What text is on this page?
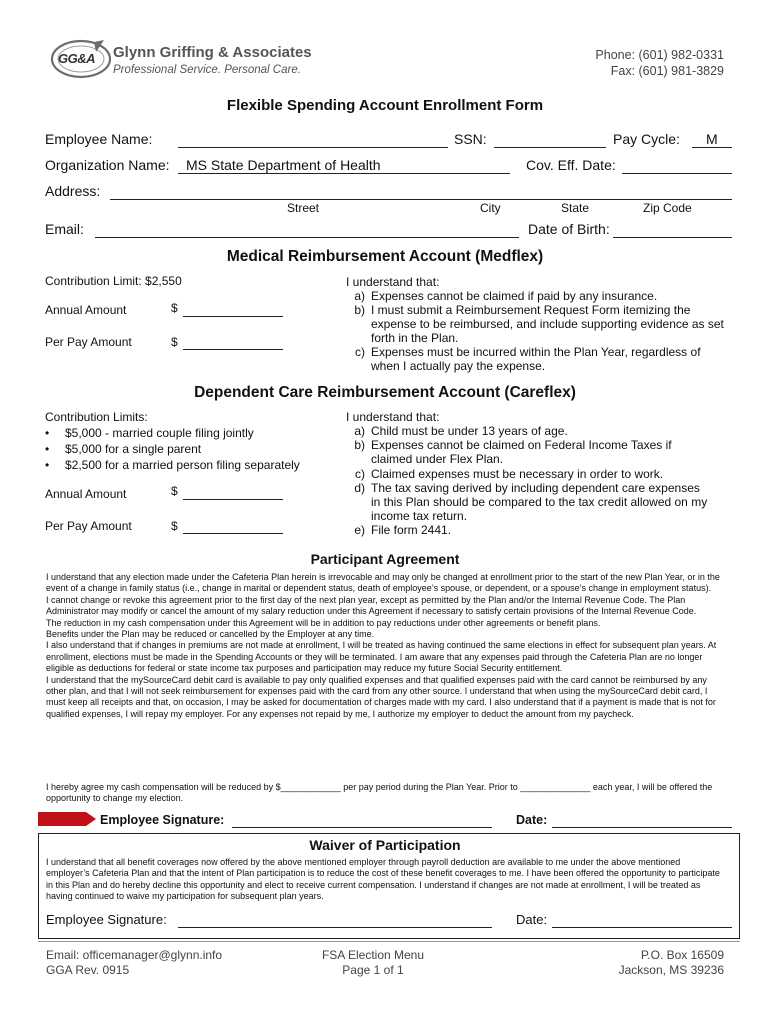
GG&A Glynn Griffing & Associates
Professional Service. Personal Care.
Phone: (601) 982-0331
Fax: (601) 981-3829
Flexible Spending Account Enrollment Form
Employee Name:	SSN:	Pay Cycle: M
Organization Name: MS State Department of Health	Cov. Eff. Date:
Address:
Street	City	State	Zip Code
Email:	Date of Birth:
Medical Reimbursement Account (Medflex)
Contribution Limit: $2,550
Annual Amount	$
Per Pay Amount	$
I understand that:
a) Expenses cannot be claimed if paid by any insurance.
b) I must submit a Reimbursement Request Form itemizing the expense to be reimbursed, and include supporting evidence as set forth in the Plan.
c) Expenses must be incurred within the Plan Year, regardless of when I actually pay the expense.
Dependent Care Reimbursement Account (Careflex)
Contribution Limits:
• $5,000 - married couple filing jointly
• $5,000 for a single parent
• $2,500 for a married person filing separately
Annual Amount	$
Per Pay Amount	$
I understand that:
a) Child must be under 13 years of age.
b) Expenses cannot be claimed on Federal Income Taxes if claimed under Flex Plan.
c) Claimed expenses must be necessary in order to work.
d) The tax saving derived by including dependent care expenses in this Plan should be compared to the tax credit allowed on my income tax return.
e) File form 2441.
Participant Agreement

I understand that any election made under the Cafeteria Plan herein is irrevocable and may only be changed at enrollment prior to the start of the new Plan Year, or in the event of a change in family status (i.e., change in marital or dependent status, death of employee’s spouse, or dependent, or a spouse’s change in employment status).

I cannot change or revoke this agreement prior to the first day of the next plan year, except as permitted by the Plan and/or the Internal Revenue Code. The Plan Administrator may modify or cancel the amount of my salary reduction under this Agreement if necessary to satisfy certain provisions of the Internal Revenue Code.

The reduction in my cash compensation under this Agreement will be in addition to pay reductions under other agreements or benefit plans.

Benefits under the Plan may be reduced or cancelled by the Employer at any time.

I also understand that if changes in premiums are not made at enrollment, I will be treated as having continued the same elections in effect for subsequent plan years. At enrollment, elections must be made in the Spending Accounts or they will be terminated. I am aware that any expenses paid through the Cafeteria Plan are no longer eligible as deductions for federal or state income tax purposes and participation may reduce my future Social Security entitlement.

I understand that the mySourceCard debit card is available to pay only qualified expenses and that qualified expenses paid with the card cannot be reimbursed by any other plan, and that I will not seek reimbursement for expenses paid with the card from any other source. I understand that when using the mySourceCard debit card, I must keep all receipts and that, on occasion, I may be asked for documentation of charges made with my card. I also understand that if a payment is made that is not for qualified expenses, I will repay my employer. For any expenses not repaid by me, I authorize my employer to deduct the amount from my paycheck.

I hereby agree my cash compensation will be reduced by $____________ per pay period during the Plan Year. Prior to ______________ each year, I will be offered the opportunity to change my election.
Employee Signature:	Date:
Waiver of Participation
I understand that all benefit coverages now offered by the above mentioned employer through payroll deduction are available to me under the above mentioned employer’s Cafeteria Plan and that the intent of Plan participation is to reduce the cost of these benefit coverages to me. I have been offered the opportunity to participate in this Plan and do hereby decline this opportunity and elect to receive current compensation. I understand if changes are not made at enrollment, I will be treated as having continued to waive my participation for subsequent plan years.
Employee Signature:	Date:
Email: officemanager@glynn.info
GGA Rev. 0915
FSA Election Menu
Page 1 of 1
P.O. Box 16509
Jackson, MS 39236
